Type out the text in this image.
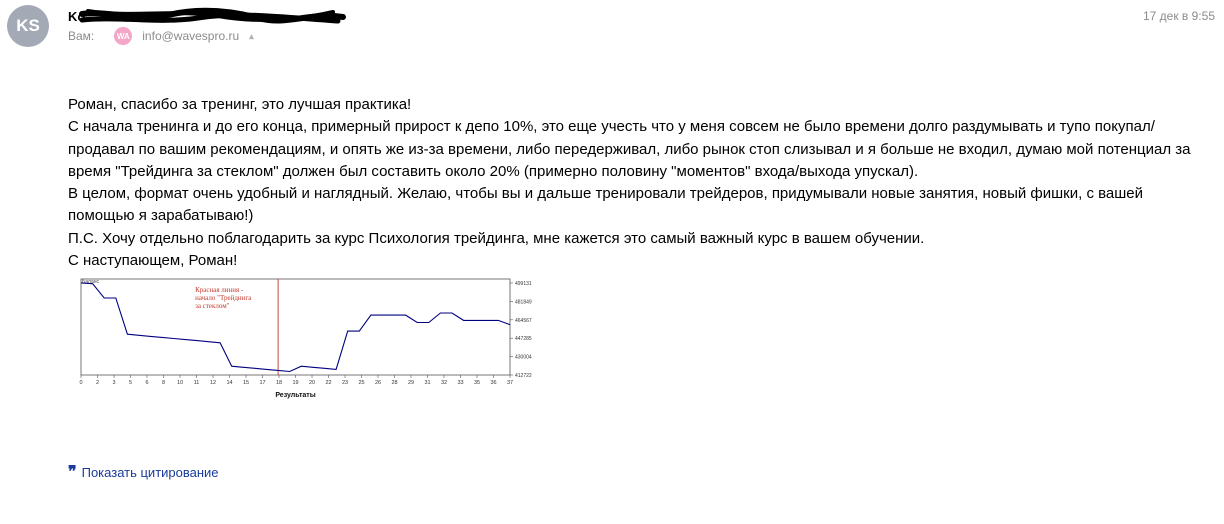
KS	Ko	17 дек в 9:55
Вам:	WA info@wavespro.ru ▾

Роман, спасибо за тренинг, это лучшая практика!

С начала тренинга и до его конца, примерный прирост к депо 10%, это еще учесть что у меня совсем не было времени долго раздумывать и тупо покупал/продавал по вашим рекомендациям, и опять же из-за времени, либо передерживал, либо рынок стоп слизывал и я больше не входил, думаю мой потенциал за время "Трейдинга за стеклом" должен был составить около 20% (примерно половину "моментов" входа/выхода упускал).

В целом, формат очень удобный и наглядный. Желаю, чтобы вы и дальше тренировали трейдеров, придумывали новые занятия, новый фишки, с вашей помощью я зарабатываю!)

П.С. Хочу отдельно поблагодарить за курс Психология трейдинга, мне кажется это самый важный курс в вашем обучении.

С наступающем, Роман!

Баланс	499131
481849
464567
447285
430004
412722
0 2 3 5 6 8 10 11 12 14 15 17 18 19 20 22 23 25 26 28 29 31 32 33 35 36 37
Результаты
Красная линия -
начало "Трейдинга
за стеклом"
❞ Показать цитирование
